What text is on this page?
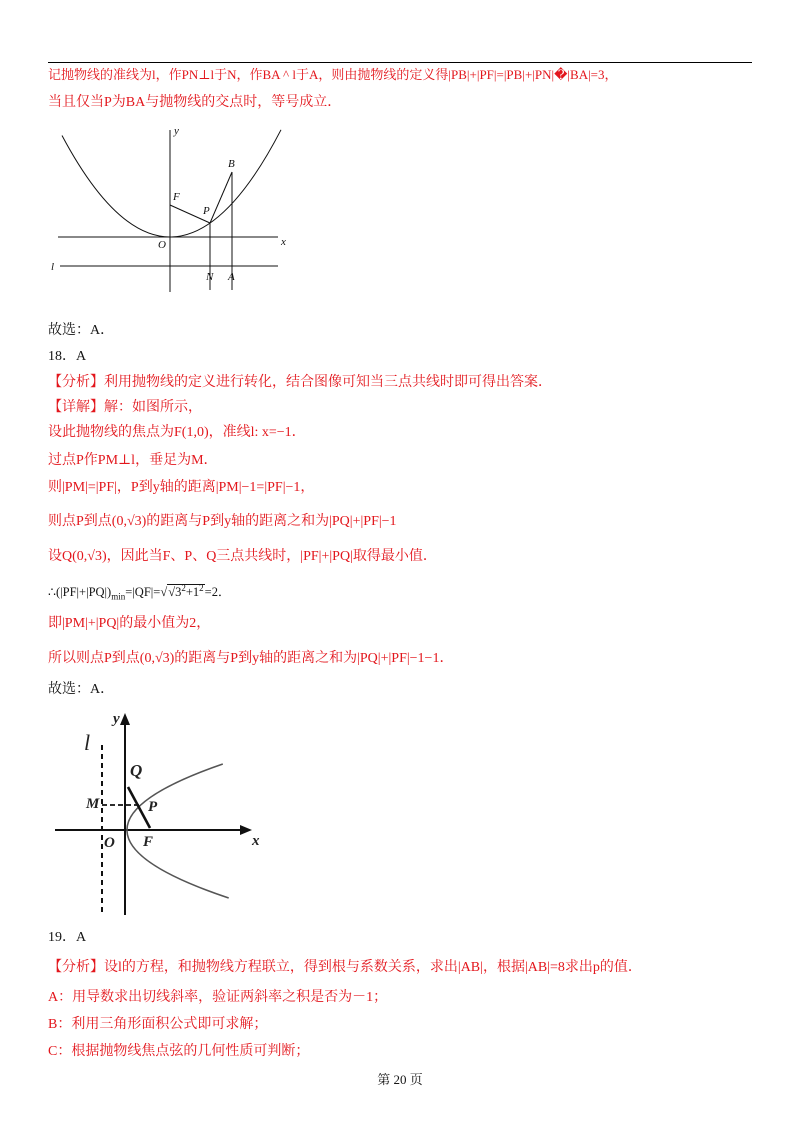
记抛物线的准线为l，作PN⊥l于N，作BA ^ l于A，则由抛物线的定义得|PB|+|PF|=|PB|+|PN|�|BA|=3，
当且仅当P为BA与抛物线的交点时，等号成立．
y
F
P
B
O	x
l
N A
故选：A．
18．A
【分析】利用抛物线的定义进行转化，结合图像可知当三点共线时即可得出答案．
【详解】解：如图所示，
设此抛物线的焦点为F(1,0)，准线l: x=−1．
过点P作PM⊥l，垂足为M．
则|PM|=|PF|，P到y轴的距离|PM|−1=|PF|−1，
则点P到点(0,√3)的距离与P到y轴的距离之和为|PQ|+|PF|−1
设Q(0,√3)，因此当F、P、Q三点共线时，|PF|+|PQ|取得最小值．
$\therefore(|PF|+|PQ|)_{min}=|QF|=√√3^2+1^2=2$．
即|PM|+|PQ|的最小值为2，
所以则点P到点(0,√3)的距离与P到y轴的距离之和为|PQ|+|PF|−1−1．
故选：A．
y
x
l
Q
M	P
O F
19．A
【分析】设l的方程，和抛物线方程联立，得到根与系数关系，求出|AB|，根据|AB|=8求出p的值．
A：用导数求出切线斜率，验证两斜率之积是否为－1；
B：利用三角形面积公式即可求解；
C：根据抛物线焦点弦的几何性质可判断；
第 20 页
